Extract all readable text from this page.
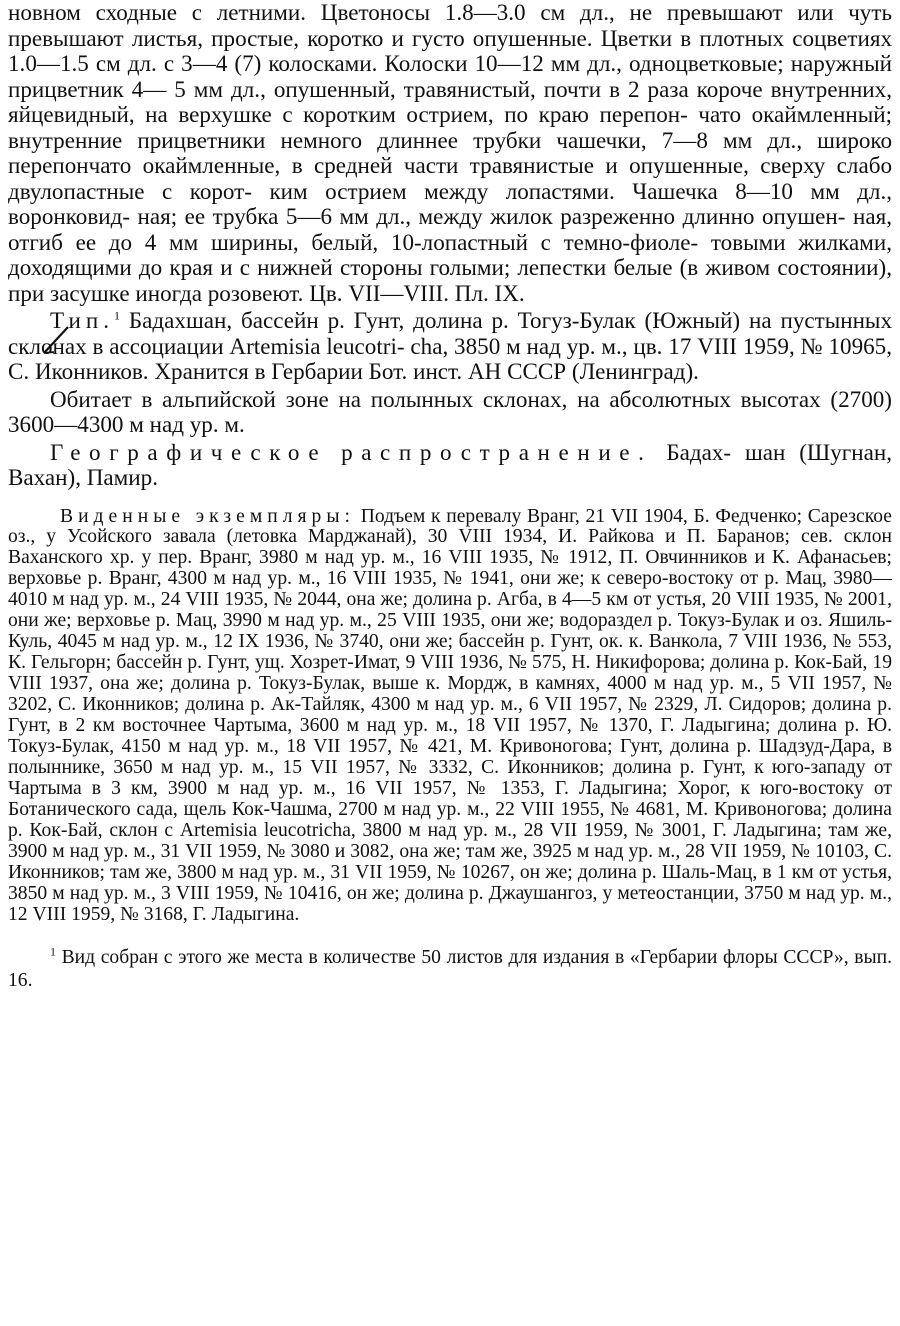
новном сходные с летними. Цветоносы 1.8—3.0 см дл., не превышают или чуть превышают листья, простые, коротко и густо опушенные. Цветки в плотных соцветиях 1.0—1.5 см дл. с 3—4 (7) колосками. Колоски 10—12 мм дл., одноцветковые; наружный прицветник 4— 5 мм дл., опушенный, травянистый, почти в 2 раза короче внутренних, яйцевидный, на верхушке с коротким острием, по краю перепон- чато окаймленный; внутренние прицветники немного длиннее трубки чашечки, 7—8 мм дл., широко перепончато окаймленные, в средней части травянистые и опушенные, сверху слабо двулопастные с корот- ким острием между лопастями. Чашечка 8—10 мм дл., воронковид- ная; ее трубка 5—6 мм дл., между жилок разреженно длинно опушен- ная, отгиб ее до 4 мм ширины, белый, 10-лопастный с темно-фиоле- товыми жилками, доходящими до края и с нижней стороны голыми; лепестки белые (в живом состоянии), при засушке иногда розовеют. Цв. VII—VIII. Пл. IX.

Тип.$^1$ Бадахшан, бассейн р. Гунт, долина р. Тогуз-Булак (Южный) на пустынных склонах в ассоциации Artemisia leucotri- cha, 3850 м над ур. м., цв. 17 VIII 1959, № 10965, С. Иконников. Хранится в Гербарии Бот. инст. АН СССР (Ленинград).

Обитает в альпийской зоне на полынных склонах, на абсолютных высотах (2700) 3600—4300 м над ур. м.

Географическое распространение. Бадах- шан (Шугнан, Вахан), Памир.

Виденные экземпляры: Подъем к перевалу Вранг, 21 VII 1904, Б. Федченко; Сарезское оз., у Усойского завала (летовка Марджанай), 30 VIII 1934, И. Райкова и П. Баранов; сев. склон Ваханского хр. у пер. Вранг, 3980 м над ур. м., 16 VIII 1935, № 1912, П. Овчинников и К. Афанасьев; верховье р. Вранг, 4300 м над ур. м., 16 VIII 1935, № 1941, они же; к северо-востоку от р. Мац, 3980—4010 м над ур. м., 24 VIII 1935, № 2044, она же; долина р. Агба, в 4—5 км от устья, 20 VIII 1935, № 2001, они же; верховье р. Мац, 3990 м над ур. м., 25 VIII 1935, они же; водораздел р. Токуз-Булак и оз. Яшиль-Куль, 4045 м над ур. м., 12 IX 1936, № 3740, они же; бассейн р. Гунт, ок. к. Ванкола, 7 VIII 1936, № 553, К. Гельгорн; бассейн р. Гунт, ущ. Хозрет-Имат, 9 VIII 1936, № 575, Н. Никифорова; долина р. Кок-Бай, 19 VIII 1937, она же; долина р. Токуз-Булак, выше к. Мордж, в камнях, 4000 м над ур. м., 5 VII 1957, № 3202, С. Иконников; долина р. Ак-Тайляк, 4300 м над ур. м., 6 VII 1957, № 2329, Л. Сидоров; долина р. Гунт, в 2 км восточнее Чартыма, 3600 м над ур. м., 18 VII 1957, № 1370, Г. Ладыгина; долина р. Ю. Токуз-Булак, 4150 м над ур. м., 18 VII 1957, № 421, М. Кривоногова; Гунт, долина р. Шадзуд-Дара, в полыннике, 3650 м над ур. м., 15 VII 1957, № 3332, С. Иконников; долина р. Гунт, к юго-западу от Чартыма в 3 км, 3900 м над ур. м., 16 VII 1957, № 1353, Г. Ладыгина; Хорог, к юго-востоку от Ботанического сада, щель Кок-Чашма, 2700 м над ур. м., 22 VIII 1955, № 4681, М. Кривоногова; долина р. Кок-Бай, склон с Artemisia leucotricha, 3800 м над ур. м., 28 VII 1959, № 3001, Г. Ладыгина; там же, 3900 м над ур. м., 31 VII 1959, № 3080 и 3082, она же; там же, 3925 м над ур. м., 28 VII 1959, № 10103, С. Иконников; там же, 3800 м над ур. м., 31 VII 1959, № 10267, он же; долина р. Шаль-Мац, в 1 км от устья, 3850 м над ур. м., 3 VIII 1959, № 10416, он же; долина р. Джаушангоз, у метеостанции, 3750 м над ур. м., 12 VIII 1959, № 3168, Г. Ладыгина.

$^1$ Вид собран с этого же места в количестве 50 листов для издания в «Гербарии флоры СССР», вып. 16.
